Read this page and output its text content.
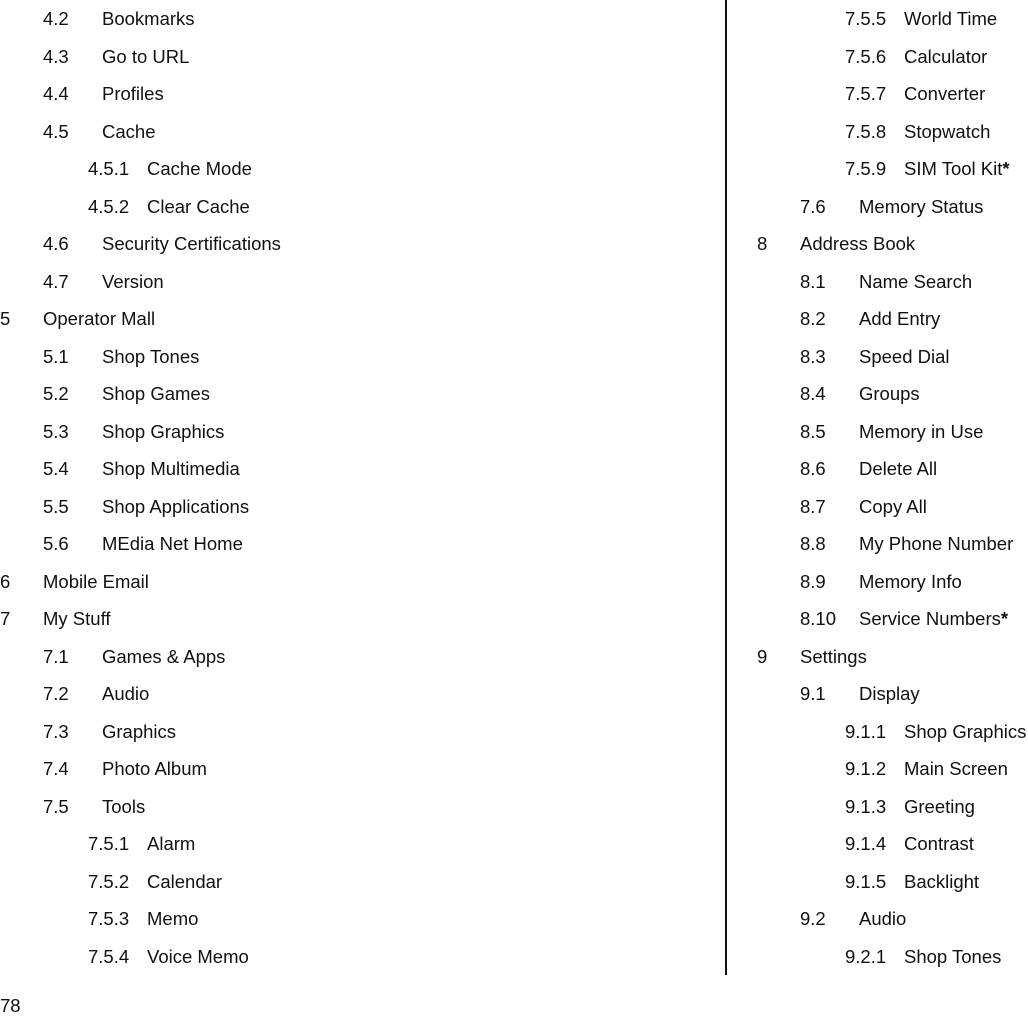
4.2 Bookmarks
4.3 Go to URL
4.4 Profiles
4.5 Cache
4.5.1 Cache Mode
4.5.2 Clear Cache
4.6 Security Certifications
4.7 Version
5 Operator Mall
5.1 Shop Tones
5.2 Shop Games
5.3 Shop Graphics
5.4 Shop Multimedia
5.5 Shop Applications
5.6 MEdia Net Home
6 Mobile Email
7 My Stuff
7.1 Games & Apps
7.2 Audio
7.3 Graphics
7.4 Photo Album
7.5 Tools
7.5.1 Alarm
7.5.2 Calendar
7.5.3 Memo
7.5.4 Voice Memo
7.5.5 World Time
7.5.6 Calculator
7.5.7 Converter
7.5.8 Stopwatch
7.5.9 SIM Tool Kit*
7.6 Memory Status
8 Address Book
8.1 Name Search
8.2 Add Entry
8.3 Speed Dial
8.4 Groups
8.5 Memory in Use
8.6 Delete All
8.7 Copy All
8.8 My Phone Number
8.9 Memory Info
8.10 Service Numbers*
9 Settings
9.1 Display
9.1.1 Shop Graphics
9.1.2 Main Screen
9.1.3 Greeting
9.1.4 Contrast
9.1.5 Backlight
9.2 Audio
9.2.1 Shop Tones
78
